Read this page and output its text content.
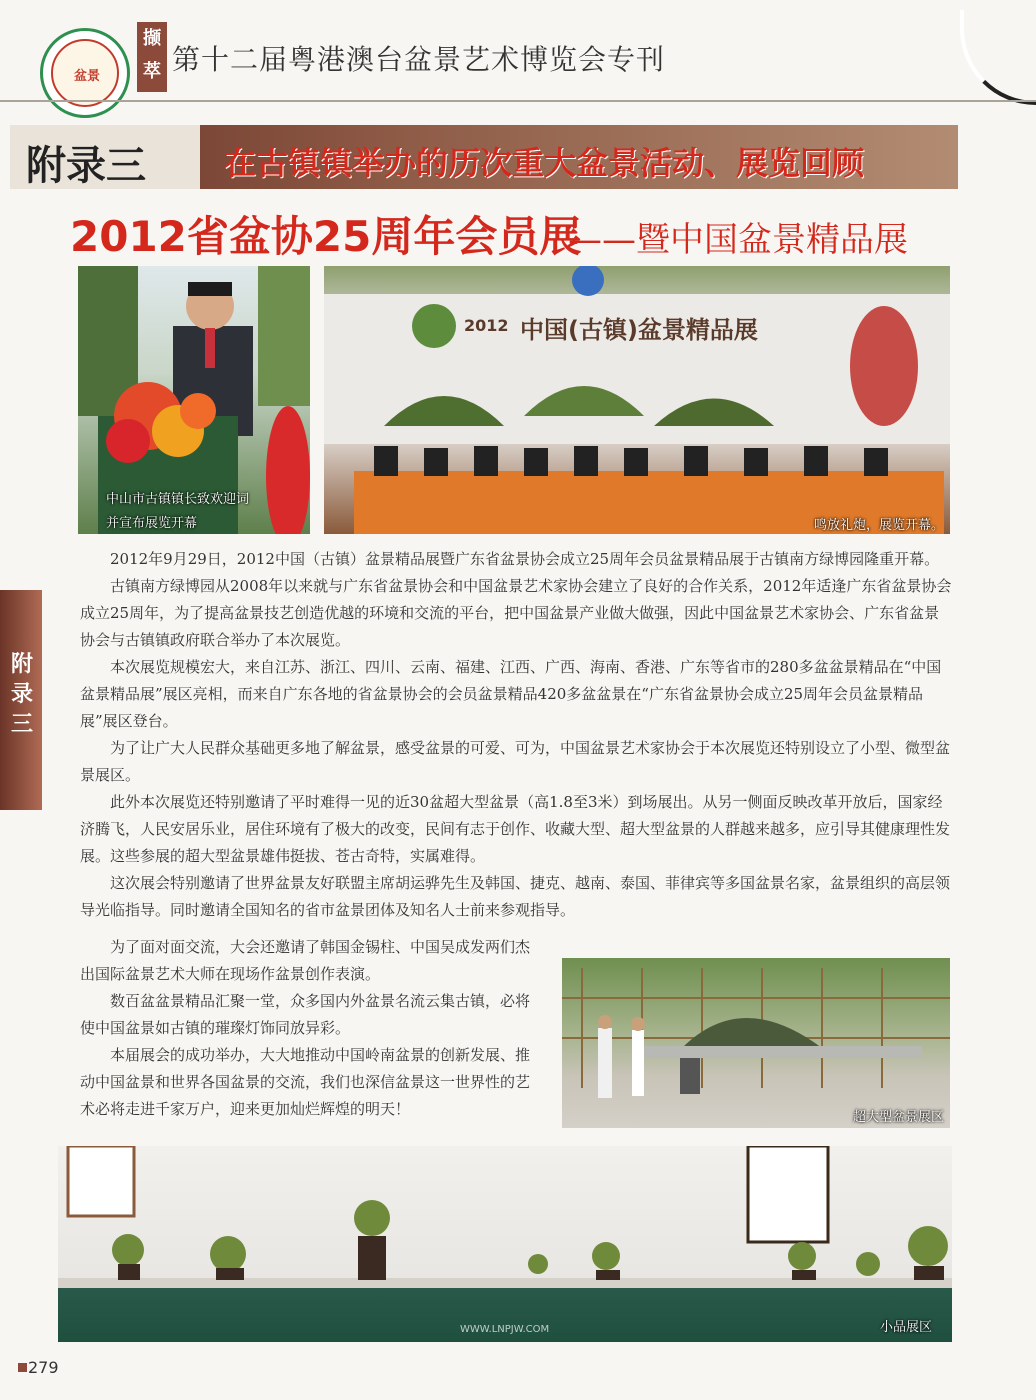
盆景
撷萃 第十二届粤港澳台盆景艺术博览会专刊
附录三 在古镇镇举办的历次重大盆景活动、展览回顾
2012省盆协25周年会员展
——暨中国盆景精品展
中山市古镇镇长致欢迎词
并宣布展览开幕
2012 中国(古镇)盆景精品展
鸣放礼炮，展览开幕。
附录三

2012年9月29日，2012中国（古镇）盆景精品展暨广东省盆景协会成立25周年会员盆景精品展于古镇南方绿博园隆重开幕。

古镇南方绿博园从2008年以来就与广东省盆景协会和中国盆景艺术家协会建立了良好的合作关系，2012年适逢广东省盆景协会成立25周年，为了提高盆景技艺创造优越的环境和交流的平台，把中国盆景产业做大做强，因此中国盆景艺术家协会、广东省盆景协会与古镇镇政府联合举办了本次展览。

本次展览规模宏大，来自江苏、浙江、四川、云南、福建、江西、广西、海南、香港、广东等省市的280多盆盆景精品在“中国盆景精品展”展区亮相，而来自广东各地的省盆景协会的会员盆景精品420多盆盆景在“广东省盆景协会成立25周年会员盆景精品展”展区登台。

为了让广大人民群众基础更多地了解盆景，感受盆景的可爱、可为，中国盆景艺术家协会于本次展览还特别设立了小型、微型盆景展区。

此外本次展览还特别邀请了平时难得一见的近30盆超大型盆景（高1.8至3米）到场展出。从另一侧面反映改革开放后，国家经济腾飞，人民安居乐业，居住环境有了极大的改变，民间有志于创作、收藏大型、超大型盆景的人群越来越多，应引导其健康理性发展。这些参展的超大型盆景雄伟挺拔、苍古奇特，实属难得。

这次展会特别邀请了世界盆景友好联盟主席胡运骅先生及韩国、捷克、越南、泰国、菲律宾等多国盆景名家，盆景组织的高层领导光临指导。同时邀请全国知名的省市盆景团体及知名人士前来参观指导。

为了面对面交流，大会还邀请了韩国金锡柱、中国吴成发两们杰出国际盆景艺术大师在现场作盆景创作表演。

数百盆盆景精品汇聚一堂，众多国内外盆景名流云集古镇，必将使中国盆景如古镇的璀璨灯饰同放异彩。

本届展会的成功举办，大大地推动中国岭南盆景的创新发展、推动中国盆景和世界各国盆景的交流，我们也深信盆景这一世界性的艺术必将走进千家万户，迎来更加灿烂辉煌的明天！	超大型盆景展区
小品展区
WWW.LNPJW.COM
279
